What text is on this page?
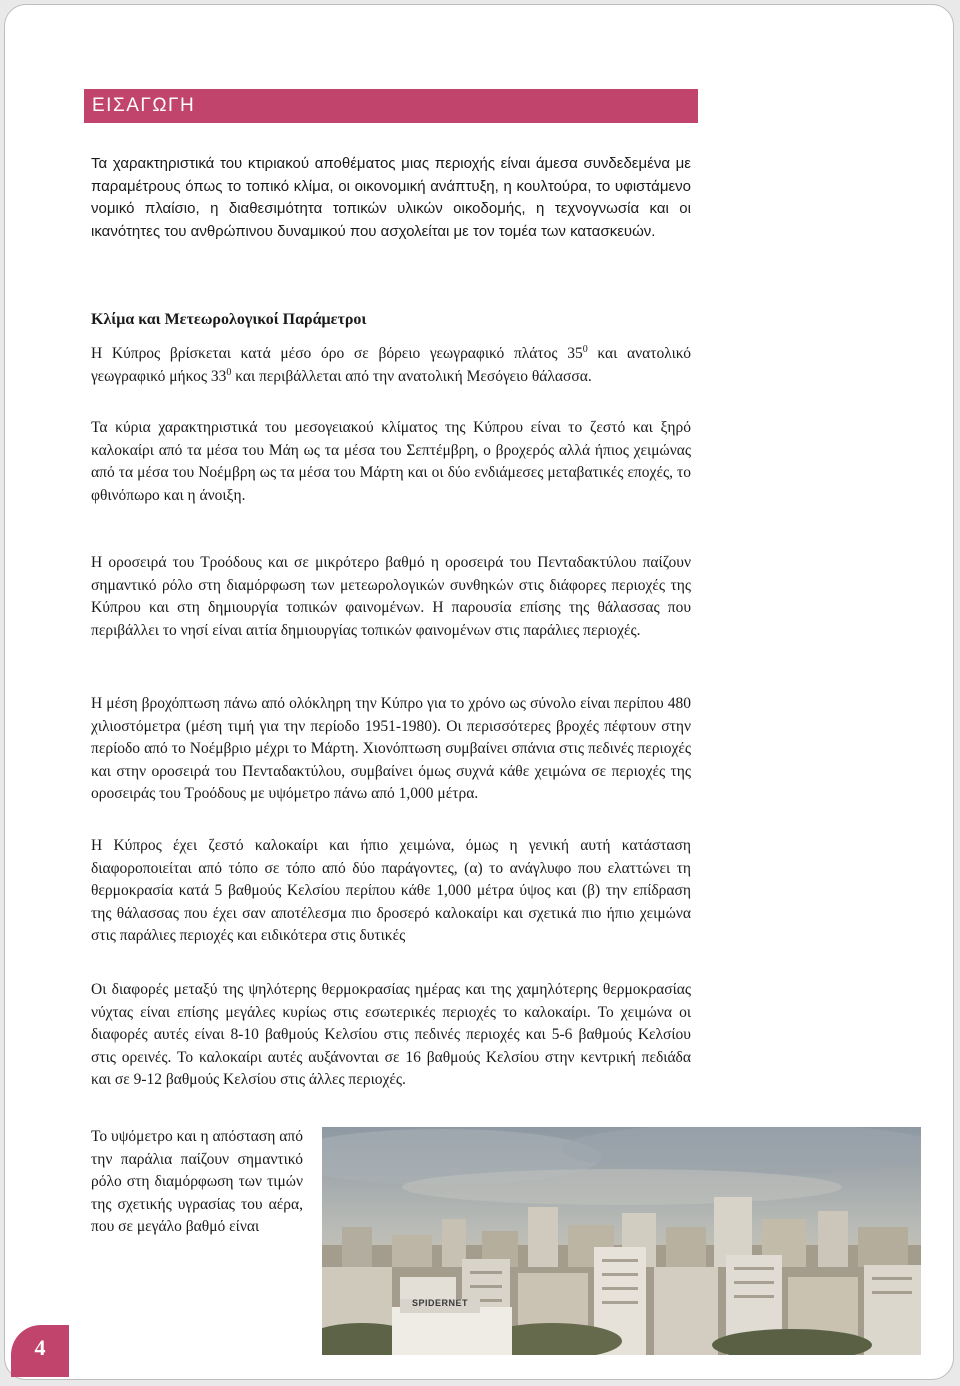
ΕΙΣΑΓΩΓΗ

Τα χαρακτηριστικά του κτιριακού αποθέματος μιας περιοχής είναι άμεσα συνδεδεμένα με παραμέτρους όπως το τοπικό κλίμα, οι οικονομική ανάπτυξη, η κουλτούρα, το υφιστάμενο νομικό πλαίσιο, η διαθεσιμότητα τοπικών υλικών οικοδομής, η τεχνογνωσία και οι ικανότητες του ανθρώπινου δυναμικού που ασχολείται με τον τομέα των κατασκευών.

Κλίμα και Μετεωρολογικοί Παράμετροι

Η Κύπρος βρίσκεται κατά μέσο όρο σε βόρειο γεωγραφικό πλάτος $35^0$ και ανατολικό γεωγραφικό μήκος $33^0$ και περιβάλλεται από την ανατολική Μεσόγειο θάλασσα.

Τα κύρια χαρακτηριστικά του μεσογειακού κλίματος της Κύπρου είναι το ζεστό και ξηρό καλοκαίρι από τα μέσα του Μάη ως τα μέσα του Σεπτέμβρη, ο βροχερός αλλά ήπιος χειμώνας από τα μέσα του Νοέμβρη ως τα μέσα του Μάρτη και οι δύο ενδιάμεσες μεταβατικές εποχές, το φθινόπωρο και η άνοιξη.

Η οροσειρά του Τροόδους και σε μικρότερο βαθμό η οροσειρά του Πενταδακτύλου παίζουν σημαντικό ρόλο στη διαμόρφωση των μετεωρολογικών συνθηκών στις διάφορες περιοχές της Κύπρου και στη δημιουργία τοπικών φαινομένων. Η παρουσία επίσης της θάλασσας που περιβάλλει το νησί είναι αιτία δημιουργίας τοπικών φαινομένων στις παράλιες περιοχές.

Η μέση βροχόπτωση πάνω από ολόκληρη την Κύπρο για το χρόνο ως σύνολο είναι περίπου 480 χιλιοστόμετρα (μέση τιμή για την περίοδο 1951-1980). Οι περισσότερες βροχές πέφτουν στην περίοδο από το Νοέμβριο μέχρι το Μάρτη. Χιονόπτωση συμβαίνει σπάνια στις πεδινές περιοχές και στην οροσειρά του Πενταδακτύλου, συμβαίνει όμως συχνά κάθε χειμώνα σε περιοχές της οροσειράς του Τροόδους με υψόμετρο πάνω από 1,000 μέτρα.

Η Κύπρος έχει ζεστό καλοκαίρι και ήπιο χειμώνα, όμως η γενική αυτή κατάσταση διαφοροποιείται από τόπο σε τόπο από δύο παράγοντες, (α) το ανάγλυφο που ελαττώνει τη θερμοκρασία κατά 5 βαθμούς Κελσίου περίπου κάθε 1,000 μέτρα ύψος και (β) την επίδραση της θάλασσας που έχει σαν αποτέλεσμα πιο δροσερό καλοκαίρι και σχετικά πιο ήπιο χειμώνα στις παράλιες περιοχές και ειδικότερα στις δυτικές

Οι διαφορές μεταξύ της ψηλότερης θερμοκρασίας ημέρας και της χαμηλότερης θερμοκρασίας νύχτας είναι επίσης μεγάλες κυρίως στις εσωτερικές περιοχές το καλοκαίρι. Το χειμώνα οι διαφορές αυτές είναι 8-10 βαθμούς Κελσίου στις πεδινές περιοχές και 5-6 βαθμούς Κελσίου στις ορεινές. Το καλοκαίρι αυτές αυξάνονται σε 16 βαθμούς Κελσίου στην κεντρική πεδιάδα και σε 9-12 βαθμούς Κελσίου στις άλλες περιοχές.

Το υψόμετρο και η απόσταση από την παράλια παίζουν σημαντικό ρόλο στη διαμόρφωση των τιμών της σχετικής υγρασίας του αέρα, που σε μεγάλο βαθμό είναι

SPIDERNET
4
